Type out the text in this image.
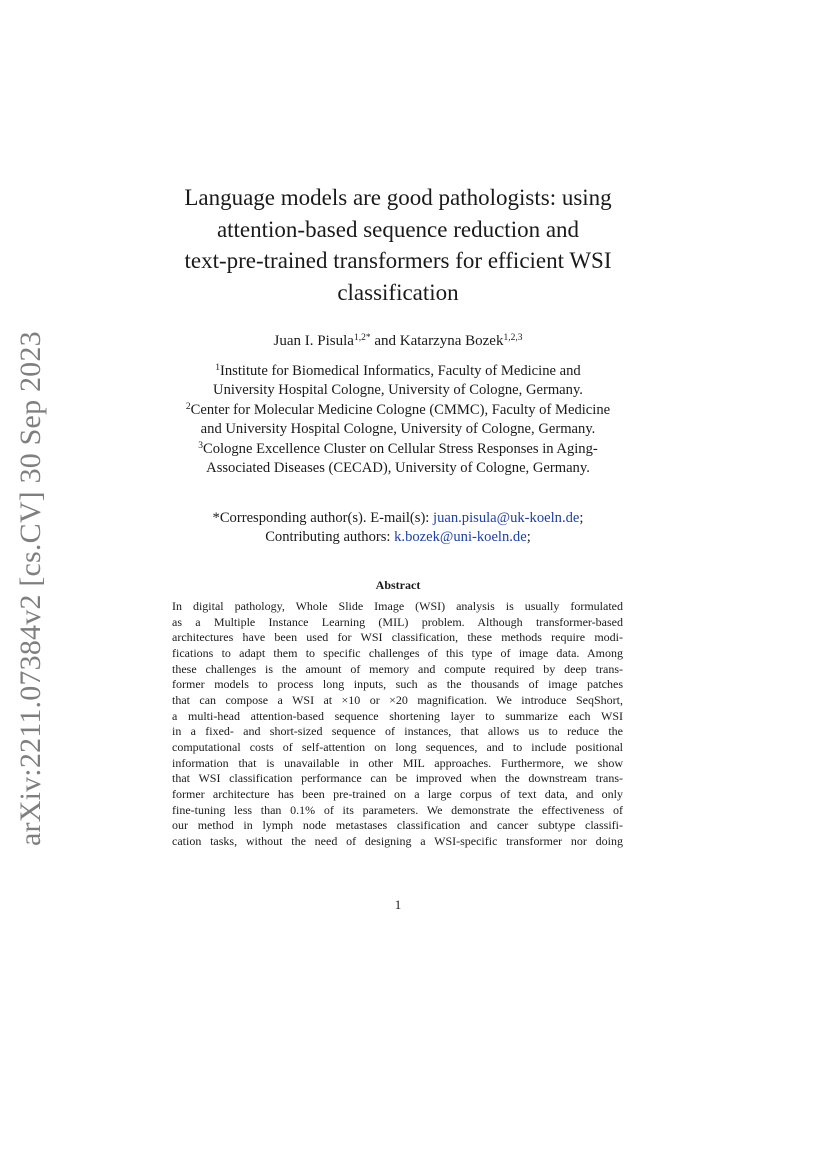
arXiv:2211.07384v2 [cs.CV] 30 Sep 2023
Language models are good pathologists: using
attention-based sequence reduction and
text-pre-trained transformers for efficient WSI
classification
Juan I. Pisula$^{1,2*}$ and Katarzyna Bozek$^{1,2,3}$
$^1$Institute for Biomedical Informatics, Faculty of Medicine and
University Hospital Cologne, University of Cologne, Germany.
$^2$Center for Molecular Medicine Cologne (CMMC), Faculty of Medicine
and University Hospital Cologne, University of Cologne, Germany.
$^3$Cologne Excellence Cluster on Cellular Stress Responses in Aging-
Associated Diseases (CECAD), University of Cologne, Germany.
*Corresponding author(s). E-mail(s): juan.pisula@uk-koeln.de;
Contributing authors: k.bozek@uni-koeln.de;
Abstract
In digital pathology, Whole Slide Image (WSI) analysis is usually formulated
as a Multiple Instance Learning (MIL) problem. Although transformer-based
architectures have been used for WSI classification, these methods require modi-
fications to adapt them to specific challenges of this type of image data. Among
these challenges is the amount of memory and compute required by deep trans-
former models to process long inputs, such as the thousands of image patches
that can compose a WSI at ×10 or ×20 magnification. We introduce SeqShort,
a multi-head attention-based sequence shortening layer to summarize each WSI
in a fixed- and short-sized sequence of instances, that allows us to reduce the
computational costs of self-attention on long sequences, and to include positional
information that is unavailable in other MIL approaches. Furthermore, we show
that WSI classification performance can be improved when the downstream trans-
former architecture has been pre-trained on a large corpus of text data, and only
fine-tuning less than 0.1% of its parameters. We demonstrate the effectiveness of
our method in lymph node metastases classification and cancer subtype classifi-
cation tasks, without the need of designing a WSI-specific transformer nor doing
1
